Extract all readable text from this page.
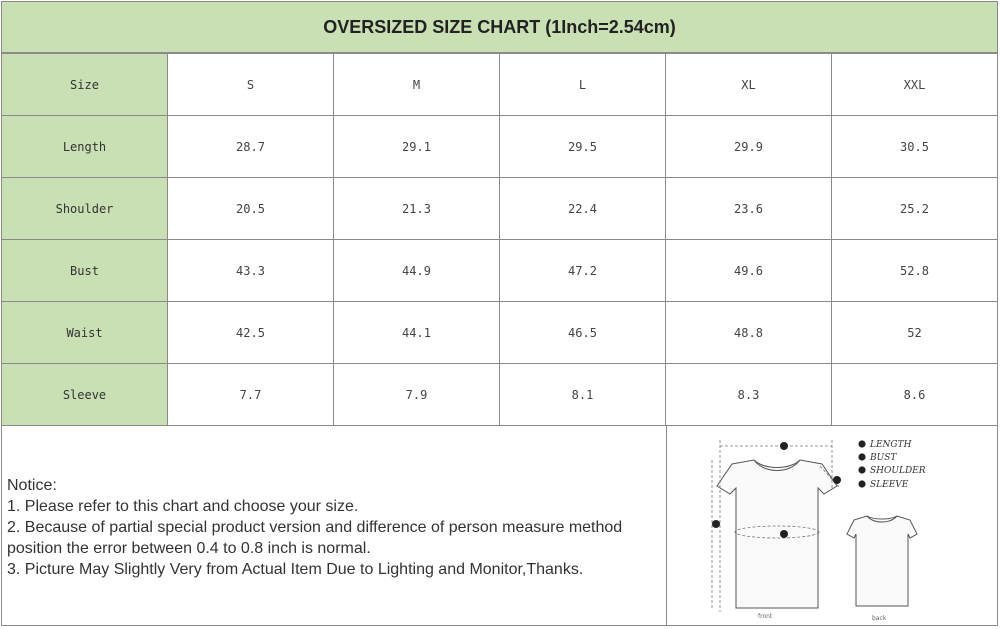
OVERSIZED SIZE CHART (1Inch=2.54cm)
Size	S	M	L	XL	XXL
Length	28.7	29.1	29.5	29.9	30.5
Shoulder	20.5	21.3	22.4	23.6	25.2
Bust	43.3	44.9	47.2	49.6	52.8
Waist	42.5	44.1	46.5	48.8	52
Sleeve	7.7	7.9	8.1	8.3	8.6
Notice:
1. Please refer to this chart and choose your size.
2. Because of partial special product version and difference of person measure method
position the error between 0.4 to 0.8 inch is normal.
3. Picture May Slightly Very from Actual Item Due to Lighting and Monitor,Thanks.
LENGTH
BUST
SHOULDER
SLEEVE
front	back
